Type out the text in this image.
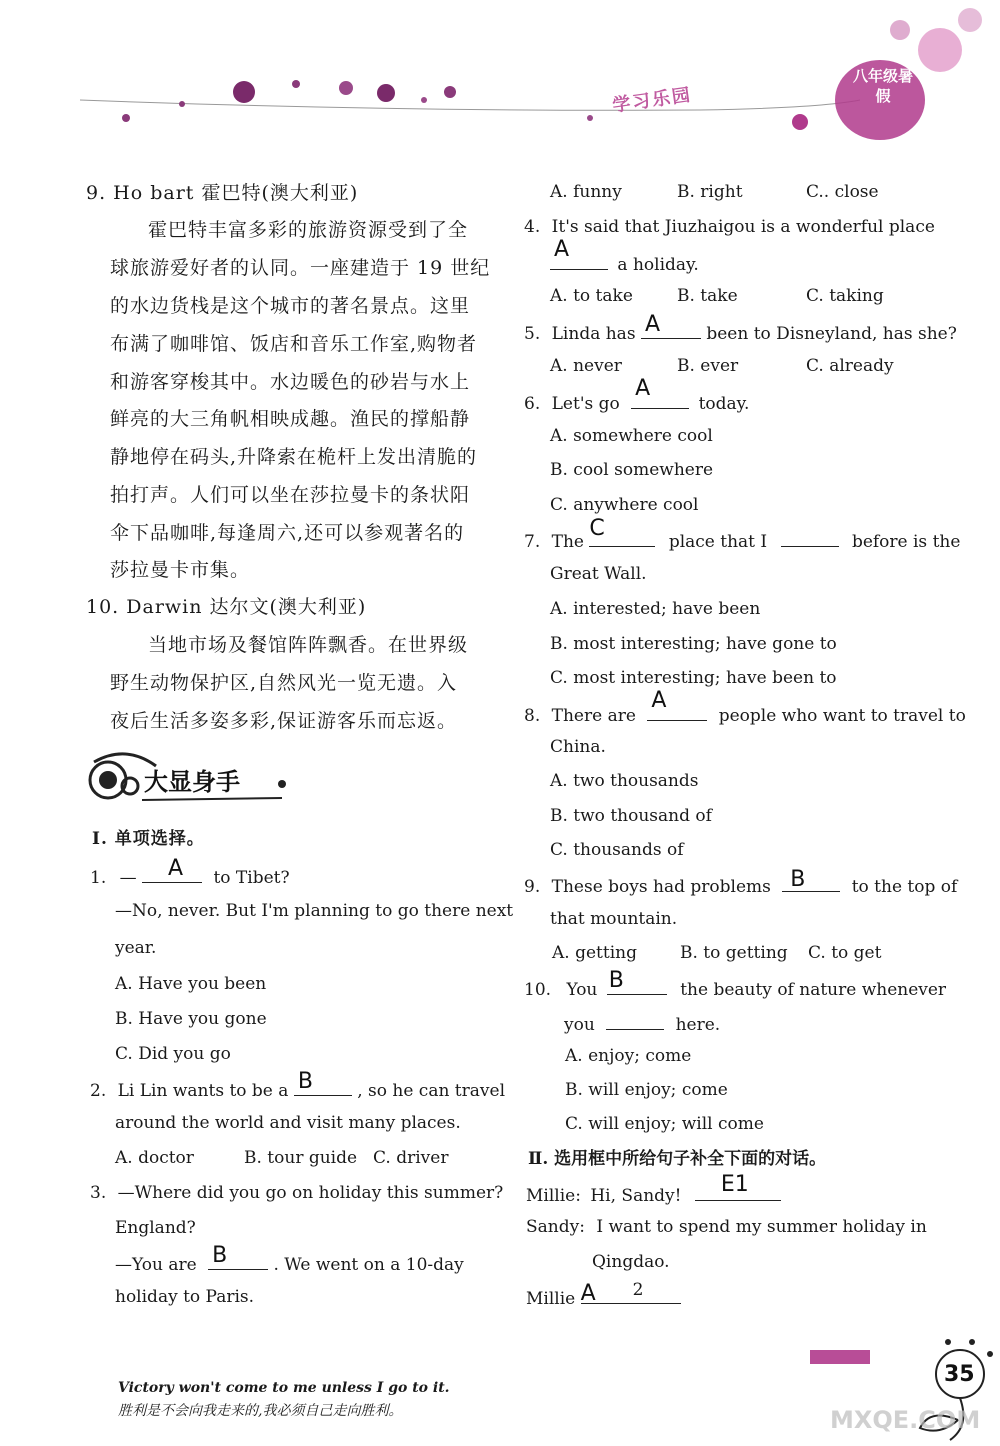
学习乐园
八年级暑假
9. Ho bart 霍巴特(澳大利亚)
霍巴特丰富多彩的旅游资源受到了全
球旅游爱好者的认同。一座建造于 19 世纪
的水边货栈是这个城市的著名景点。这里
布满了咖啡馆、饭店和音乐工作室,购物者
和游客穿梭其中。水边暖色的砂岩与水上
鲜亮的大三角帆相映成趣。渔民的撑船静
静地停在码头,升降索在桅杆上发出清脆的
拍打声。人们可以坐在莎拉曼卡的条状阳
伞下品咖啡,每逢周六,还可以参观著名的
莎拉曼卡市集。
10. Darwin 达尔文(澳大利亚)
当地市场及餐馆阵阵飘香。在世界级
野生动物保护区,自然风光一览无遗。入
夜后生活多姿多彩,保证游客乐而忘返。
大显身手
Ⅰ. 单项选择。
1. — A to Tibet?
—No, never. But I'm planning to go there next
year.
A. Have you been
B. Have you gone
C. Did you go
2. Li Lin wants to be a B	, so he can travel
around the world and visit many places.
A. doctor	B. tour guide C. driver
3. —Where did you go on holiday this summer?
England?
—You are B	. We went on a 10-day
holiday to Paris.
A. funny	B. right	C.. close
4. It's said that Jiuzhaigou is a wonderful place
A
a holiday.
A. to take	B. take	C. taking
5. Linda has A	been to Disneyland, has she?
A. never	B. ever	C. already
6. Let's go
A
today.
A. somewhere cool
B. cool somewhere
C. anywhere cool
7. The
C
place that I	before is the
Great Wall.
A. interested; have been
B. most interesting; have gone to
C. most interesting; have been to
8. There are
A
people who want to travel to
China.
A. two thousands
B. two thousand of
C. thousands of
9. These boys had problems B	to the top of
that mountain.
A. getting	B. to getting C. to get
10. You B	the beauty of nature whenever
you	here.
A. enjoy; come
B. will enjoy; come
C. will enjoy; will come
Ⅱ. 选用框中所给句子补全下面的对话。
Millie: Hi, Sandy! E1
Sandy: I want to spend my summer holiday in
Qingdao.
Millie A 2
Victory won't come to me unless I go to it.
胜利是不会向我走来的,我必须自己走向胜利。
35
MXQE.COM
